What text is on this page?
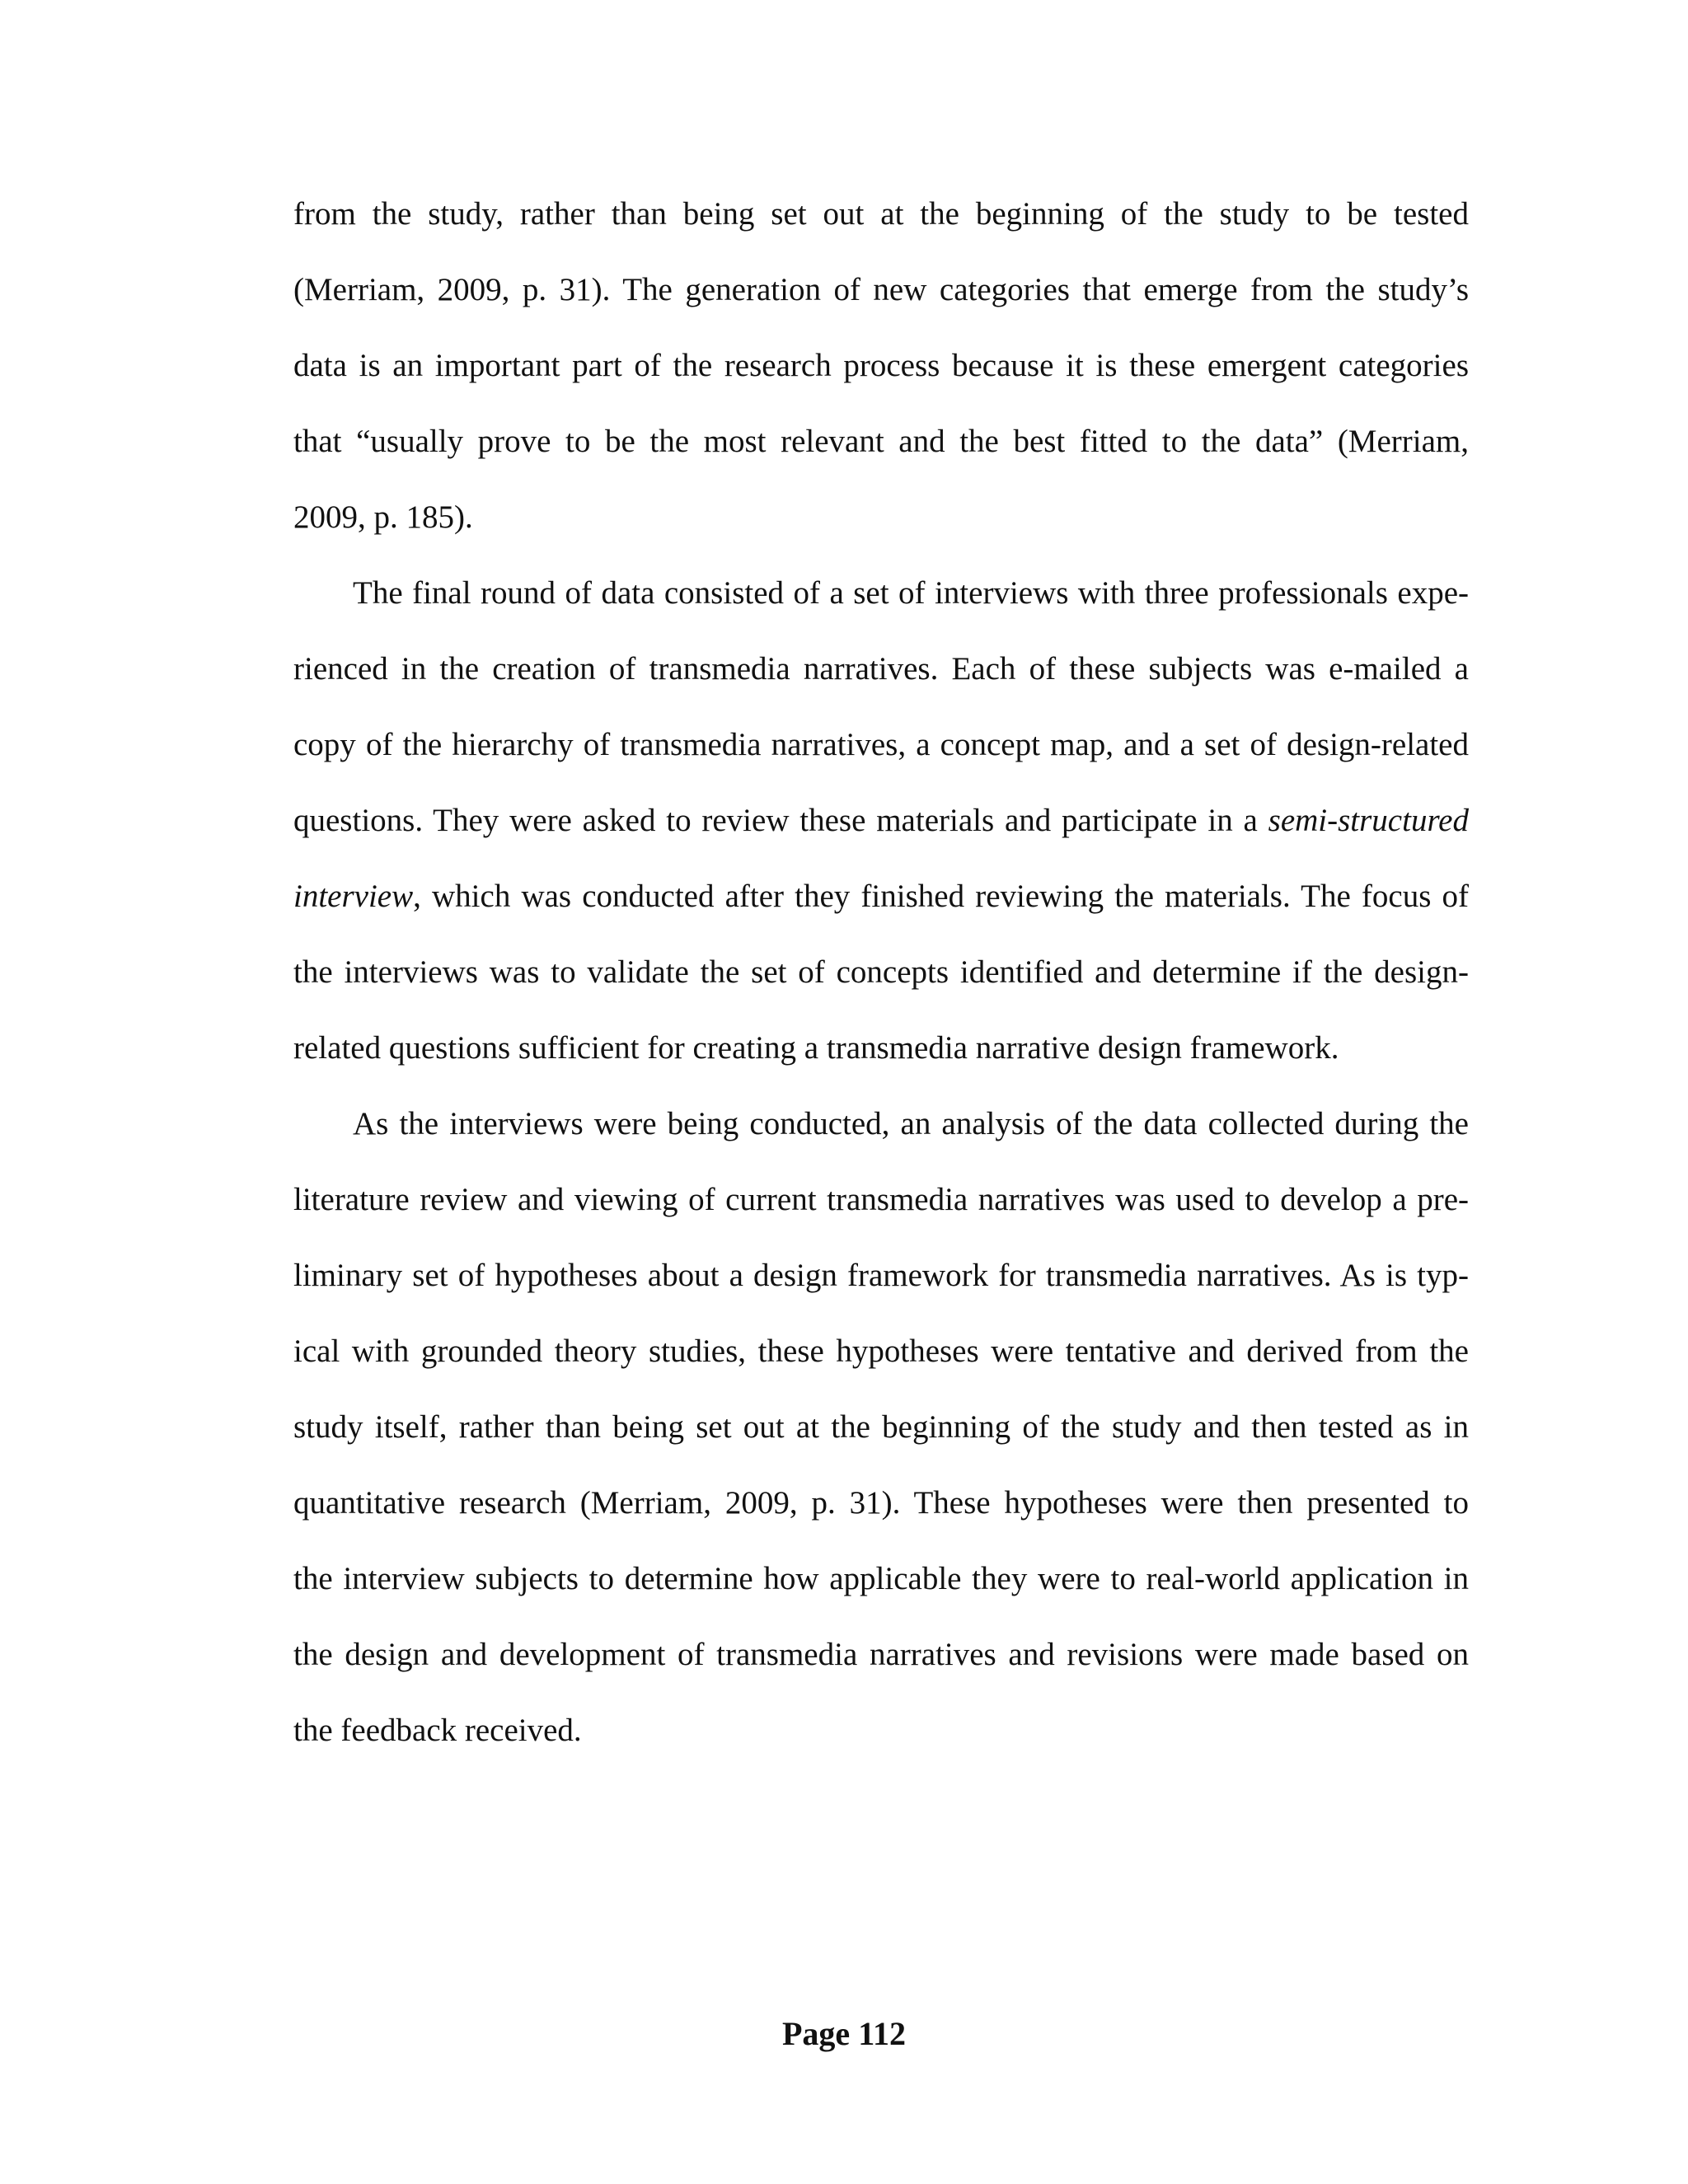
from the study, rather than being set out at the beginning of the study to be tested
(Merriam, 2009, p. 31). The generation of new categories that emerge from the study’s
data is an important part of the research process because it is these emergent categories
that “usually prove to be the most relevant and the best fitted to the data” (Merriam,
2009, p. 185).
The final round of data consisted of a set of interviews with three professionals expe-
rienced in the creation of transmedia narratives. Each of these subjects was e-mailed a
copy of the hierarchy of transmedia narratives, a concept map, and a set of design-related
questions. They were asked to review these materials and participate in a semi-structured
interview, which was conducted after they finished reviewing the materials. The focus of
the interviews was to validate the set of concepts identified and determine if the design-
related questions sufficient for creating a transmedia narrative design framework.
As the interviews were being conducted, an analysis of the data collected during the
literature review and viewing of current transmedia narratives was used to develop a pre-
liminary set of hypotheses about a design framework for transmedia narratives. As is typ-
ical with grounded theory studies, these hypotheses were tentative and derived from the
study itself, rather than being set out at the beginning of the study and then tested as in
quantitative research (Merriam, 2009, p. 31). These hypotheses were then presented to
the interview subjects to determine how applicable they were to real-world application in
the design and development of transmedia narratives and revisions were made based on
the feedback received.
Page 112
